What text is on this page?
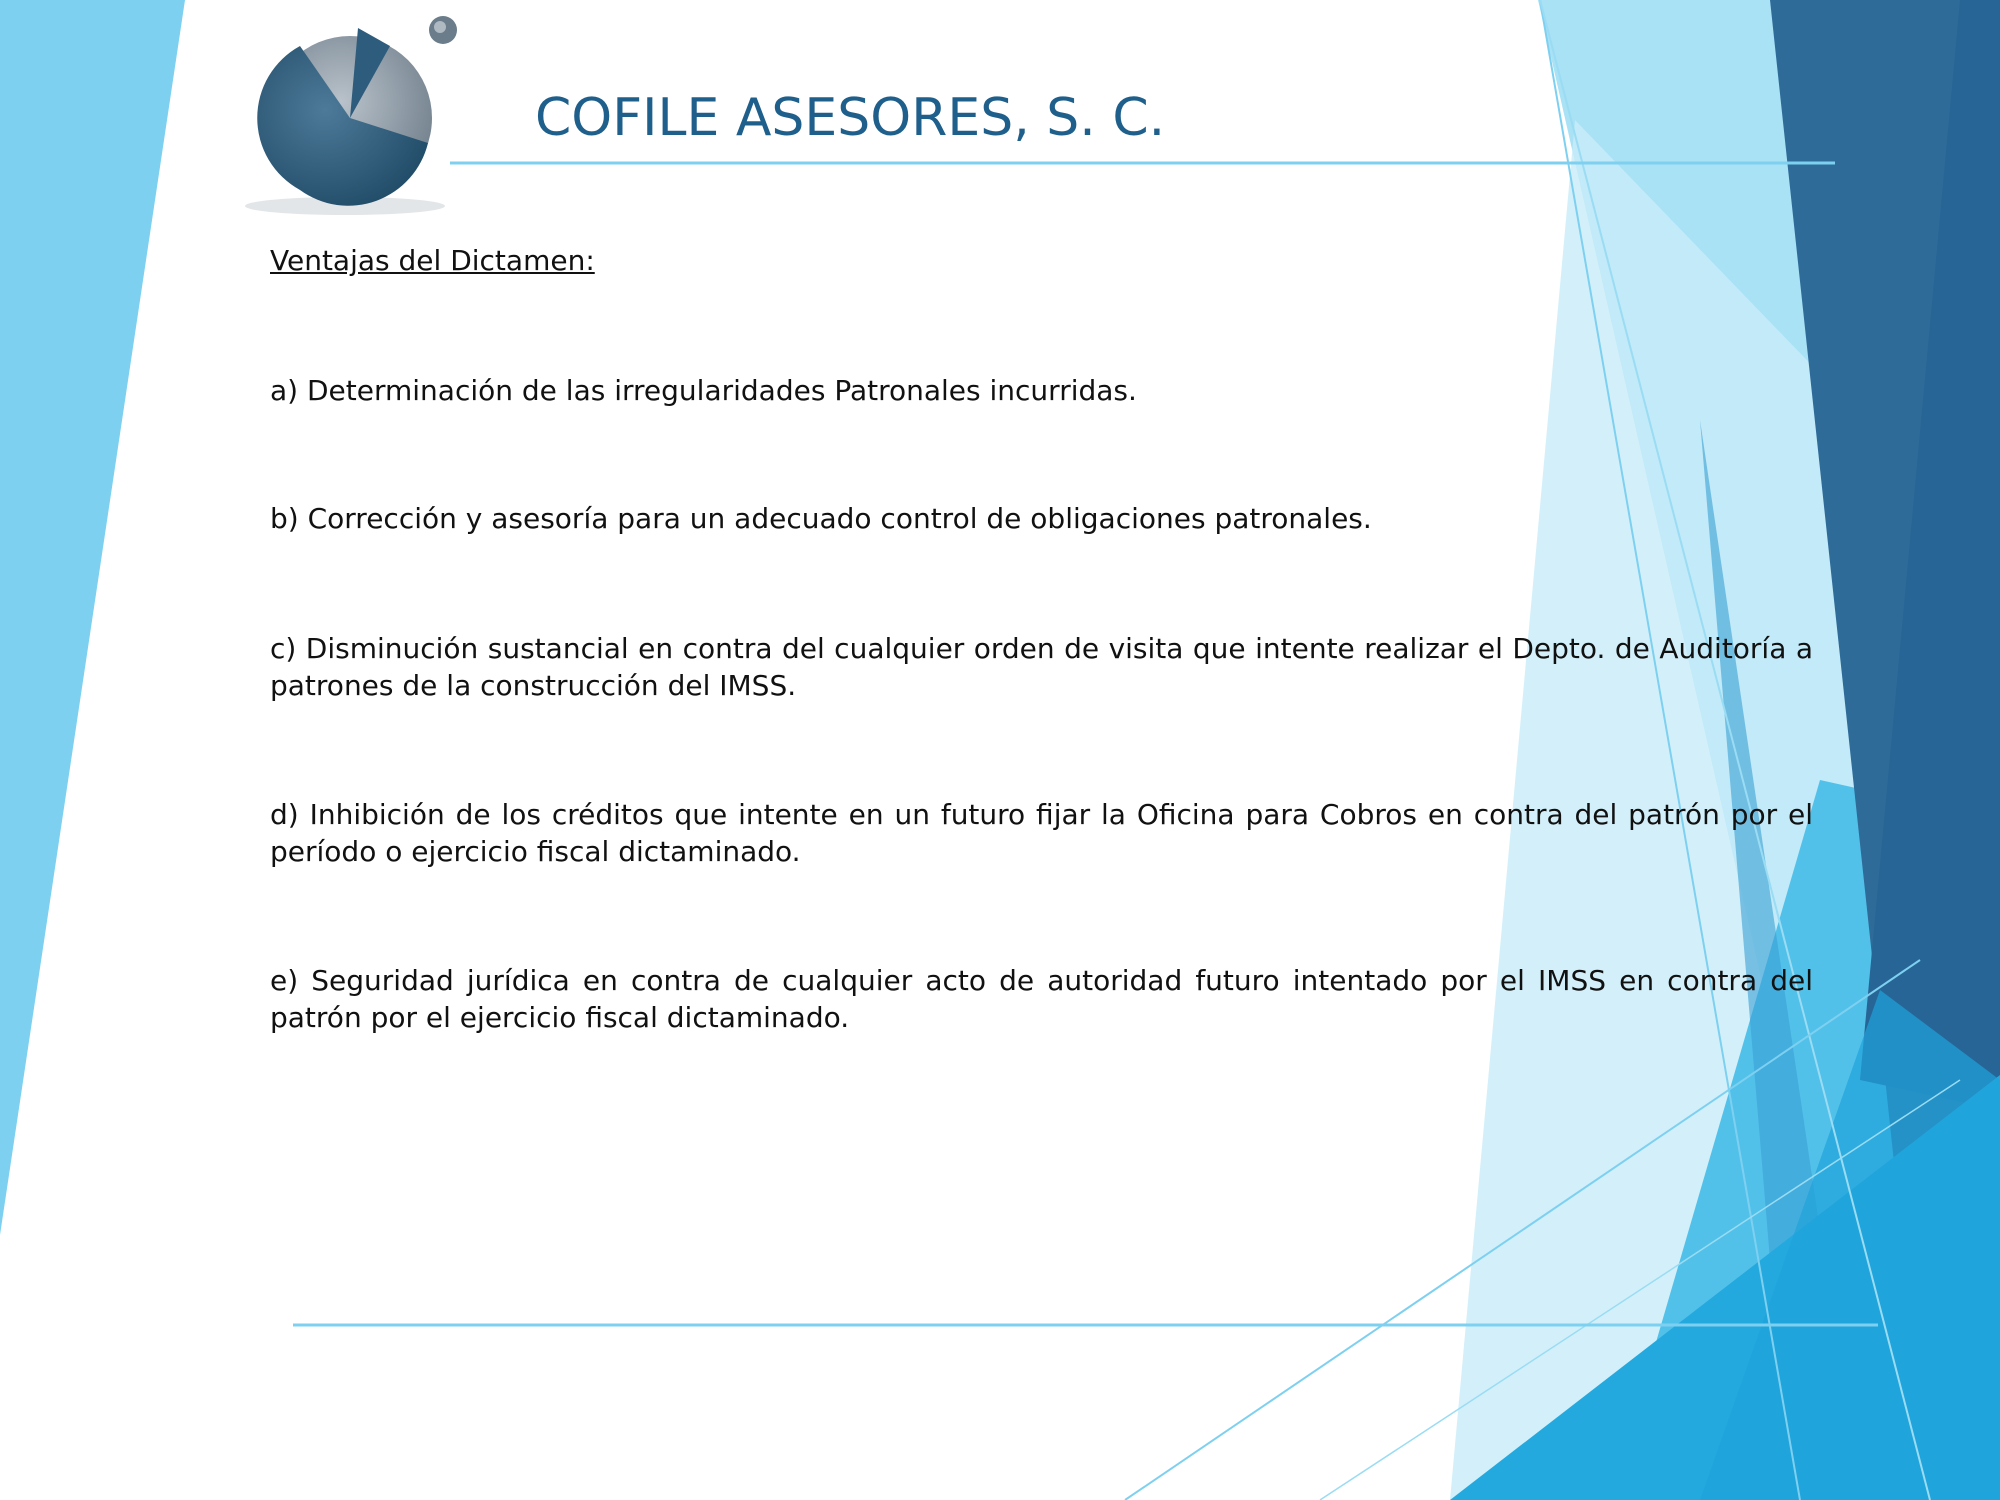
COFILE ASESORES, S. C.

Ventajas del Dictamen:

a) Determinación de las irregularidades Patronales incurridas.
b) Corrección y asesoría para un adecuado control de obligaciones patronales.
c) Disminución sustancial en contra del cualquier orden de visita que intente realizar el Depto. de Auditoría a patrones de la construcción del IMSS.
d) Inhibición de los créditos que intente en un futuro fijar la Oficina para Cobros en contra del patrón por el período o ejercicio fiscal dictaminado.
e) Seguridad jurídica en contra de cualquier acto de autoridad futuro intentado por el IMSS en contra del patrón por el ejercicio fiscal dictaminado.
